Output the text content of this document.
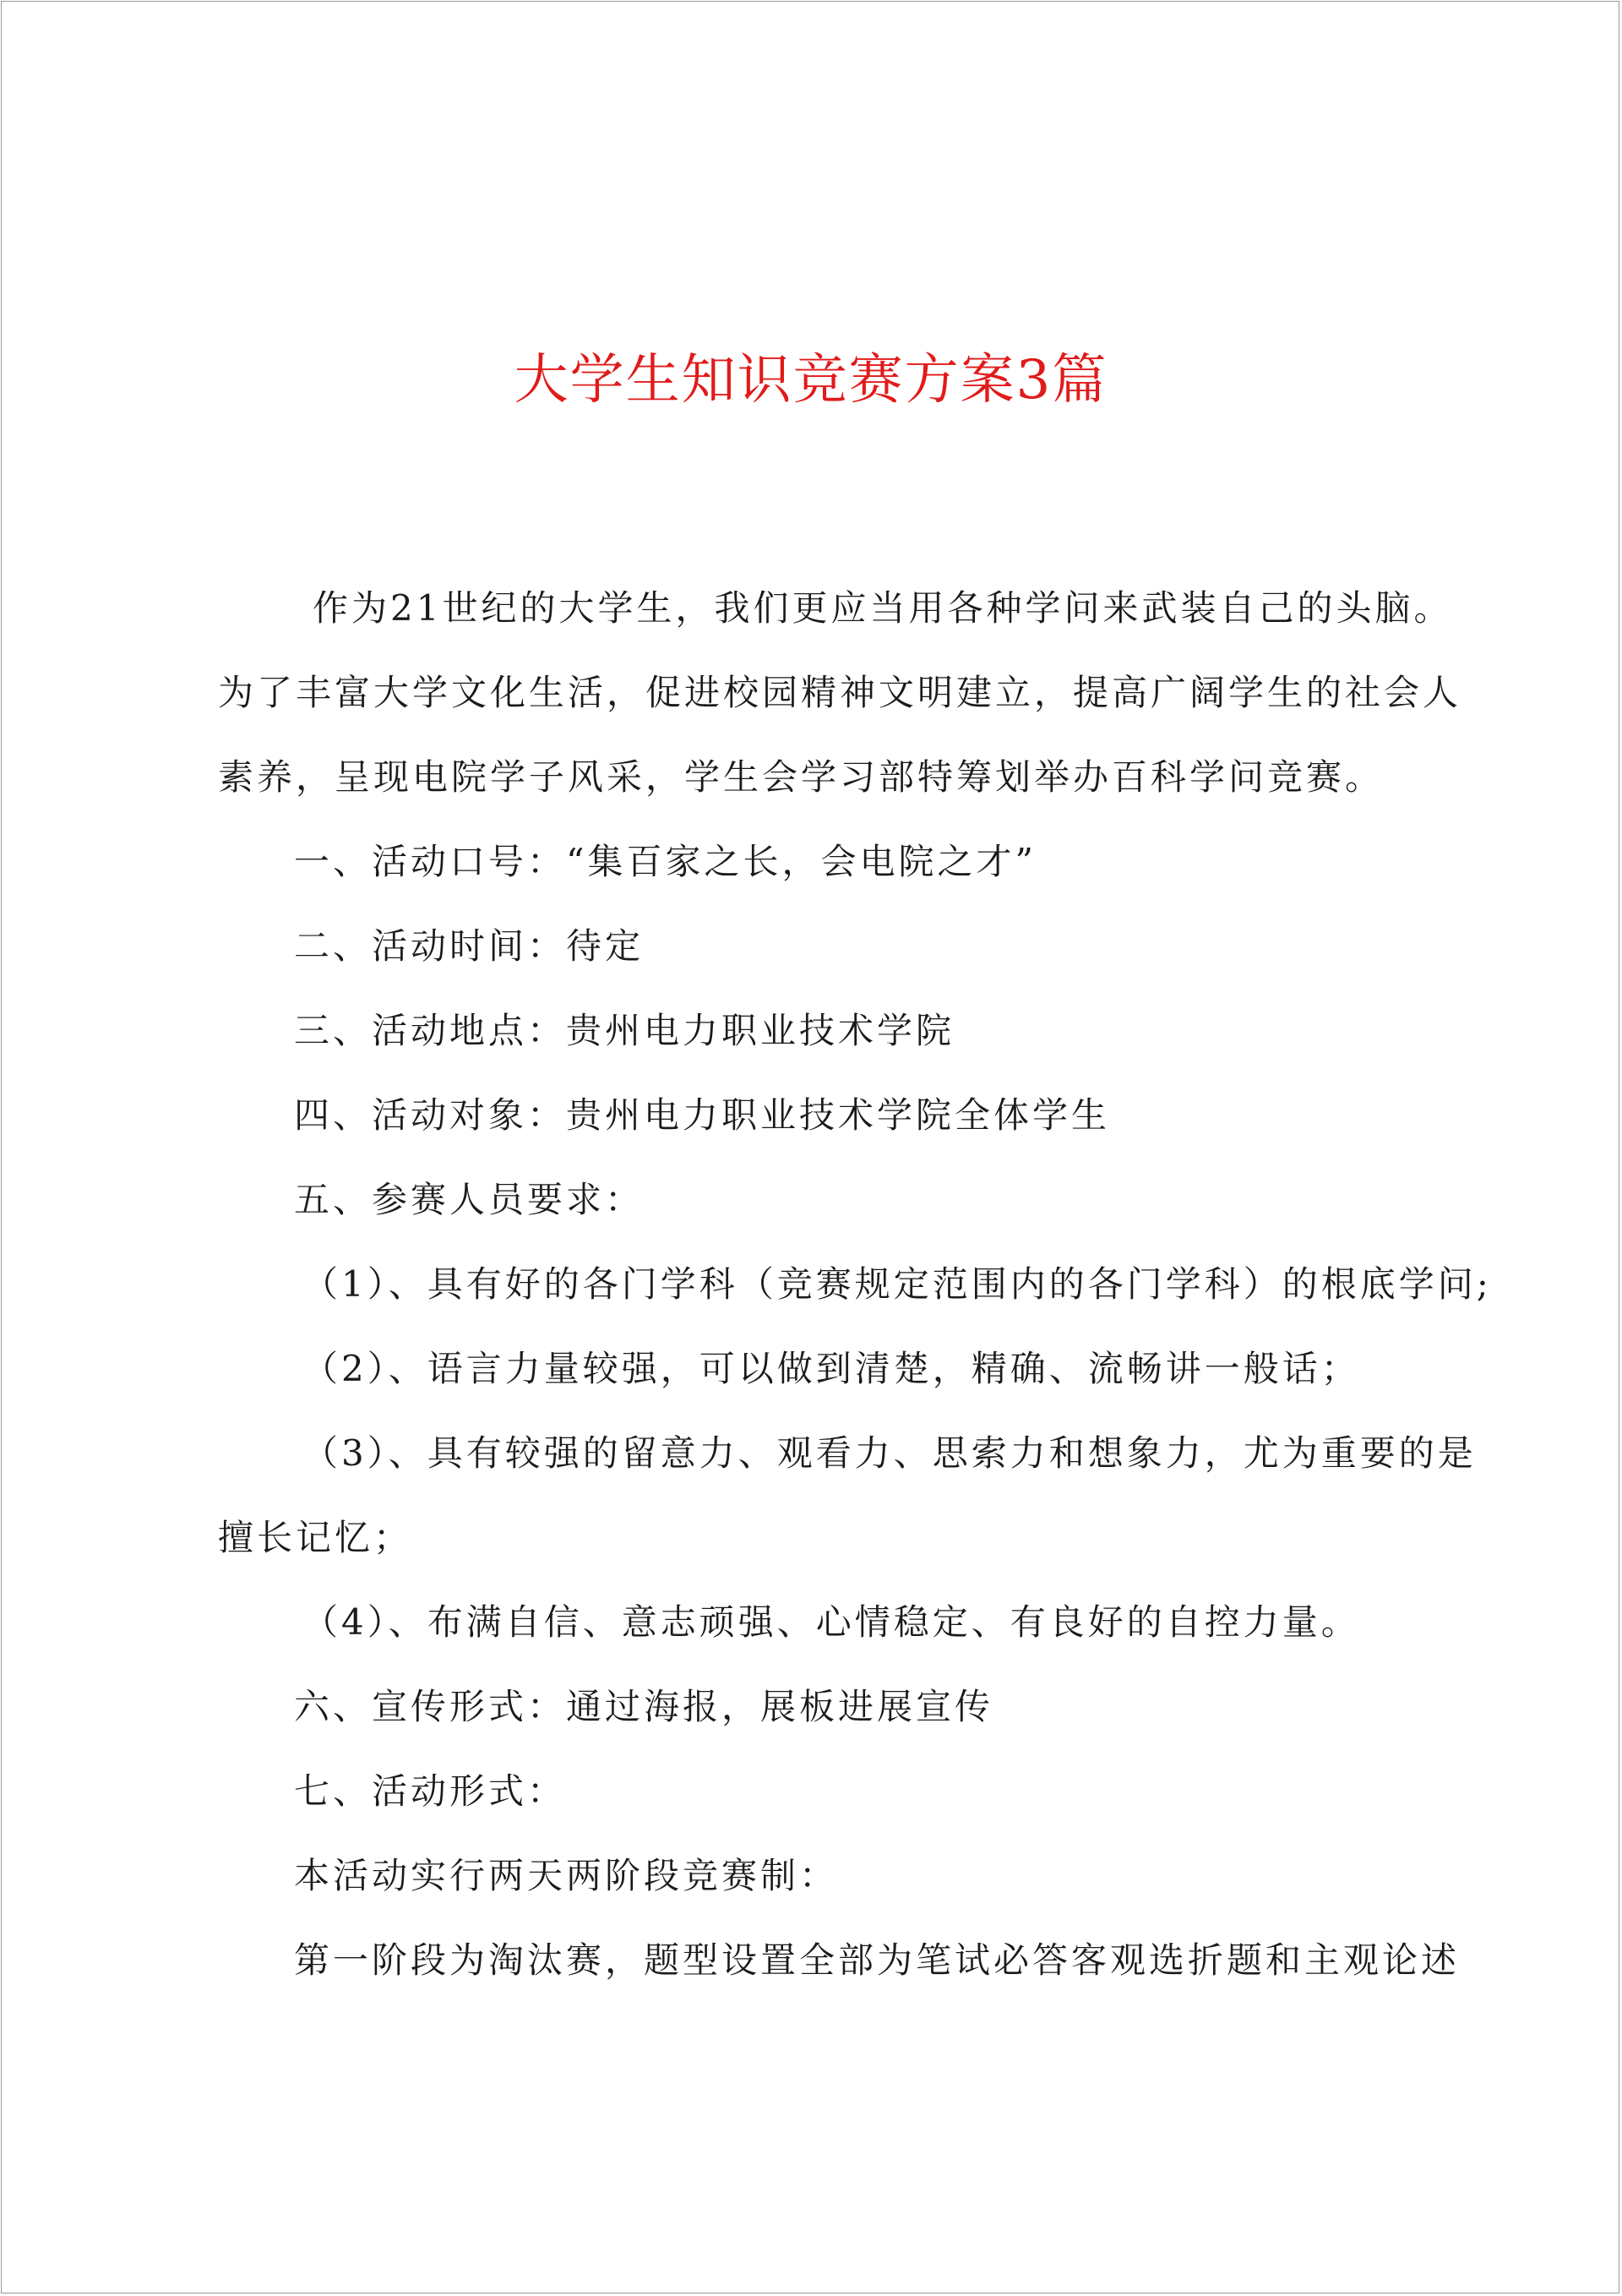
大学生知识竞赛方案3篇
作为21世纪的大学生，我们更应当用各种学问来武装自己的头脑。
为了丰富大学文化生活，促进校园精神文明建立，提高广阔学生的社会人
素养，呈现电院学子风采，学生会学习部特筹划举办百科学问竞赛。
一、活动口号：“集百家之长，会电院之才”
二、活动时间：待定
三、活动地点：贵州电力职业技术学院
四、活动对象：贵州电力职业技术学院全体学生
五、参赛人员要求：
（1）、具有好的各门学科（竞赛规定范围内的各门学科）的根底学问;
（2）、语言力量较强，可以做到清楚，精确、流畅讲一般话；
（3）、具有较强的留意力、观看力、思索力和想象力，尤为重要的是
擅长记忆；
（4）、布满自信、意志顽强、心情稳定、有良好的自控力量。
六、宣传形式：通过海报，展板进展宣传
七、活动形式：
本活动实行两天两阶段竞赛制：
第一阶段为淘汰赛，题型设置全部为笔试必答客观选折题和主观论述
